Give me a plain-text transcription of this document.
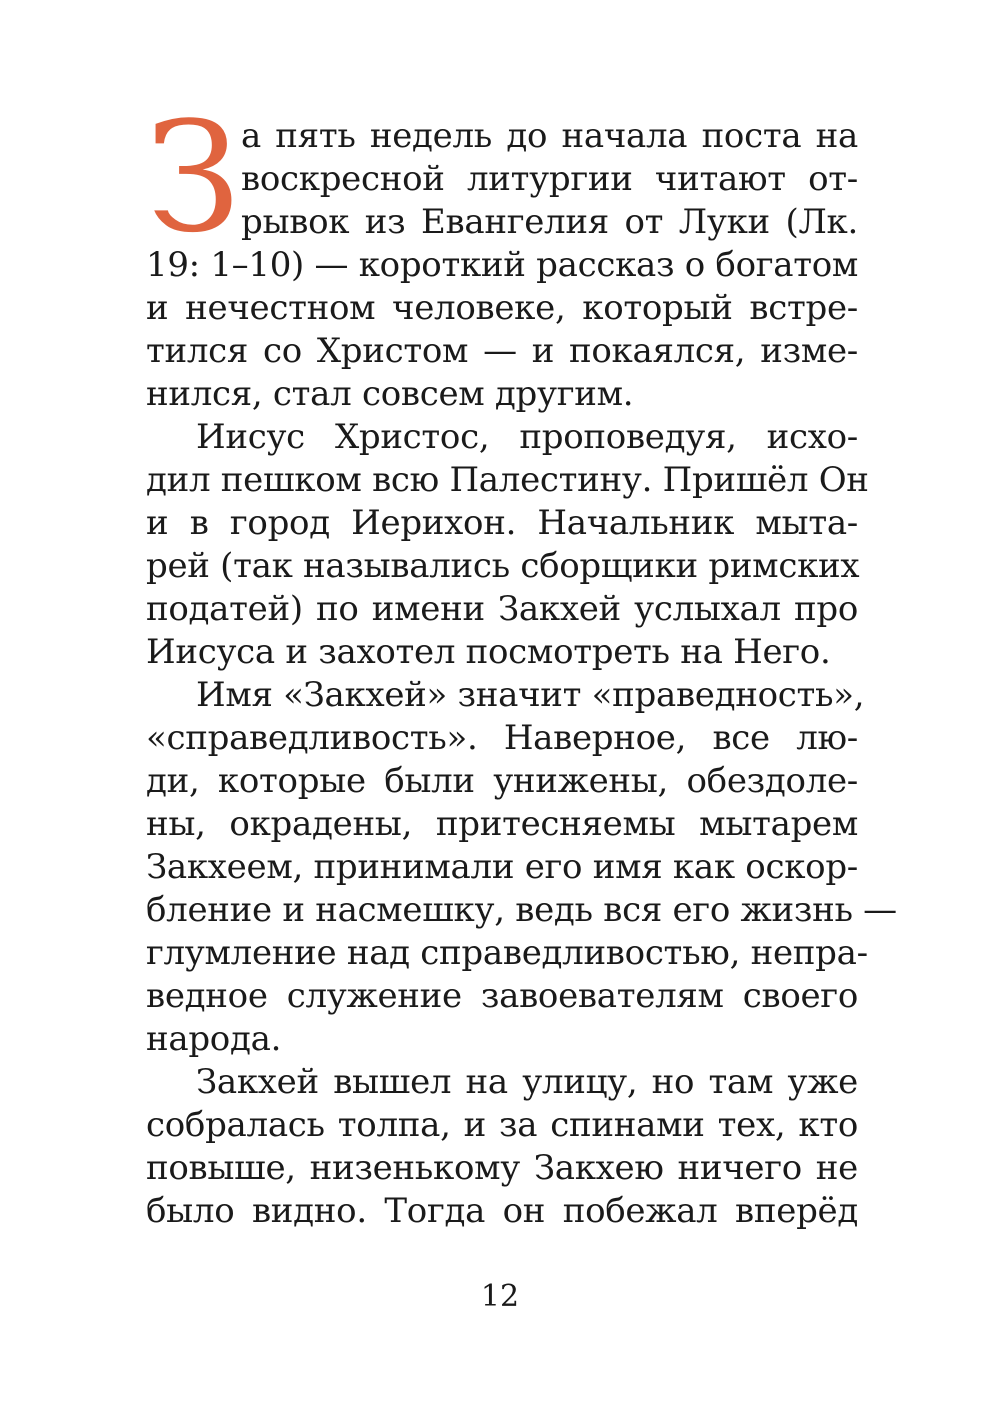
З а пять недель до начала поста на
воскресной литургии читают от-
рывок из Евангелия от Луки (Лк.
19: 1–10) — короткий рассказ о богатом
и нечестном человеке, который встре-
тился со Христом — и покаялся, изме-
нился, стал совсем другим.
Иисус Христос, проповедуя, исхо-
дил пешком всю Палестину. Пришёл Он
и в город Иерихон. Начальник мыта-
рей (так назывались сборщики римских
податей) по имени Закхей услыхал про
Иисуса и захотел посмотреть на Него.
Имя «Закхей» значит «праведность»,
«справедливость». Наверное, все лю-
ди, которые были унижены, обездоле-
ны, окрадены, притесняемы мытарем
Закхеем, принимали его имя как оскор-
бление и насмешку, ведь вся его жизнь —
глумление над справедливостью, непра-
ведное служение завоевателям своего
народа.
Закхей вышел на улицу, но там уже
собралась толпа, и за спинами тех, кто
повыше, низенькому Закхею ничего не
было видно. Тогда он побежал вперёд
12
